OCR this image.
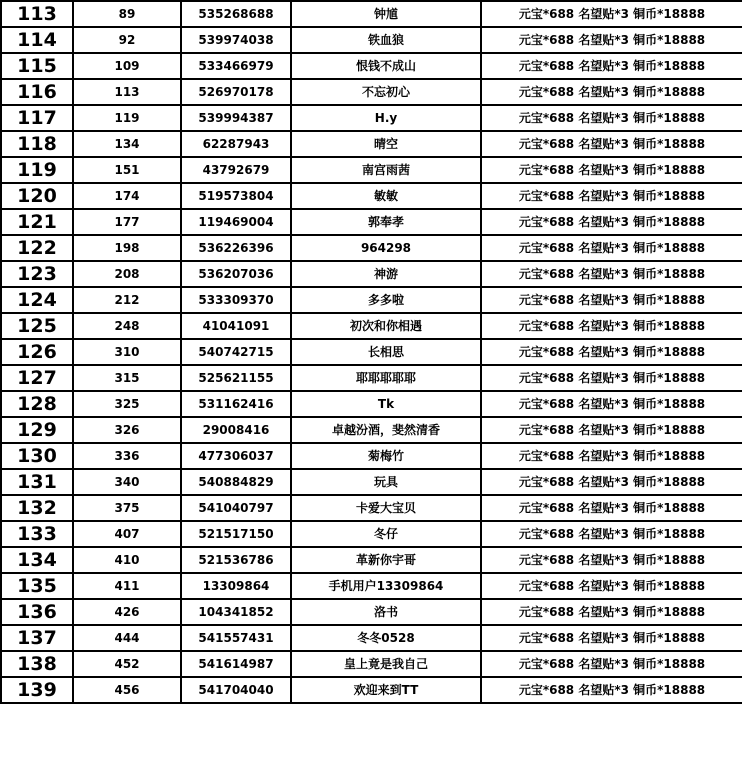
113	89	535268688	钟馗	元宝*688 名望贴*3 铜币*18888
114	92	539974038	铁血狼	元宝*688 名望贴*3 铜币*18888
115	109	533466979	恨钱不成山	元宝*688 名望贴*3 铜币*18888
116	113	526970178	不忘初心	元宝*688 名望贴*3 铜币*18888
117	119	539994387	H.y	元宝*688 名望贴*3 铜币*18888
118	134	62287943	晴空	元宝*688 名望贴*3 铜币*18888
119	151	43792679	南宫雨茜	元宝*688 名望贴*3 铜币*18888
120	174	519573804	敏敏	元宝*688 名望贴*3 铜币*18888
121	177	119469004	郭奉孝	元宝*688 名望贴*3 铜币*18888
122	198	536226396	964298	元宝*688 名望贴*3 铜币*18888
123	208	536207036	神游	元宝*688 名望贴*3 铜币*18888
124	212	533309370	多多啦	元宝*688 名望贴*3 铜币*18888
125	248	41041091	初次和你相遇	元宝*688 名望贴*3 铜币*18888
126	310	540742715	长相思	元宝*688 名望贴*3 铜币*18888
127	315	525621155	耶耶耶耶耶	元宝*688 名望贴*3 铜币*18888
128	325	531162416	Tk	元宝*688 名望贴*3 铜币*18888
129	326	29008416	卓越汾酒，斐然清香	元宝*688 名望贴*3 铜币*18888
130	336	477306037	菊梅竹	元宝*688 名望贴*3 铜币*18888
131	340	540884829	玩具	元宝*688 名望贴*3 铜币*18888
132	375	541040797	卡爱大宝贝	元宝*688 名望贴*3 铜币*18888
133	407	521517150	冬仔	元宝*688 名望贴*3 铜币*18888
134	410	521536786	革新你宇哥	元宝*688 名望贴*3 铜币*18888
135	411	13309864	手机用户13309864	元宝*688 名望贴*3 铜币*18888
136	426	104341852	洛书	元宝*688 名望贴*3 铜币*18888
137	444	541557431	冬冬0528	元宝*688 名望贴*3 铜币*18888
138	452	541614987	皇上竟是我自己	元宝*688 名望贴*3 铜币*18888
139	456	541704040	欢迎来到TT	元宝*688 名望贴*3 铜币*18888
